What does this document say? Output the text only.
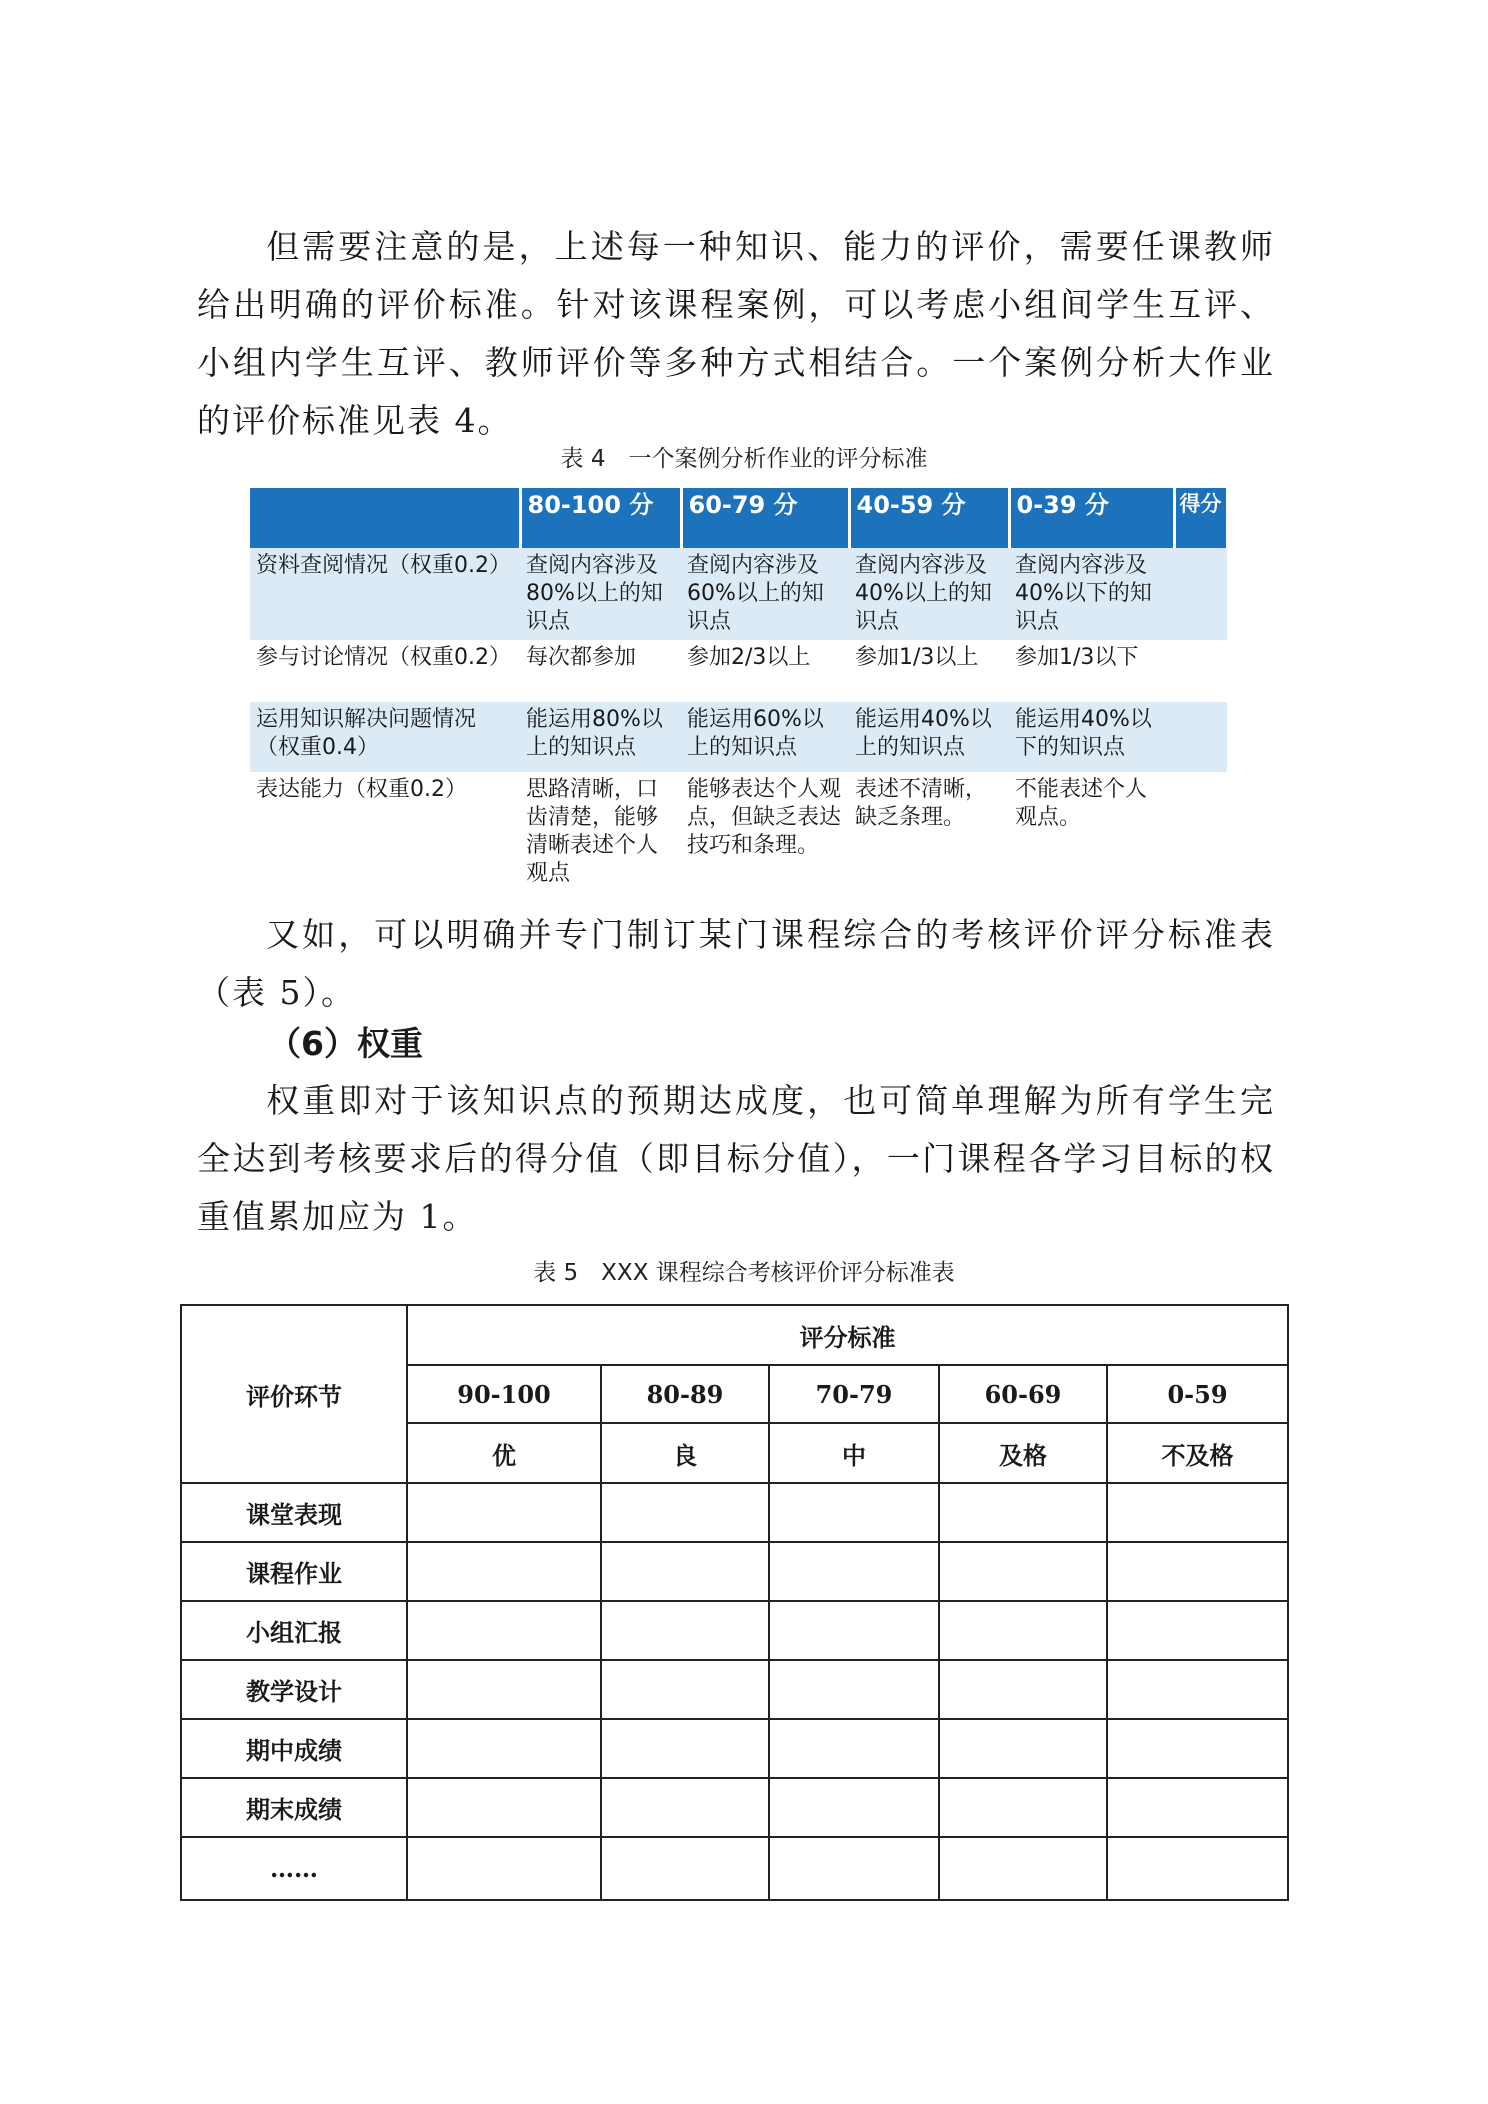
但需要注意的是，上述每一种知识、能力的评价，需要任课教师给出明确的评价标准。针对该课程案例，可以考虑小组间学生互评、小组内学生互评、教师评价等多种方式相结合。一个案例分析大作业的评价标准见表 4。
表 4　一个案例分析作业的评分标准
	80-100 分	60-79 分	40-59 分	0-39 分	得分
资料查阅情况（权重0.2）	查阅内容涉及80%以上的知识点	查阅内容涉及60%以上的知识点	查阅内容涉及40%以上的知识点	查阅内容涉及40%以下的知识点	
参与讨论情况（权重0.2）	每次都参加	参加2/3以上	参加1/3以上	参加1/3以下	
运用知识解决问题情况（权重0.4）	能运用80%以上的知识点	能运用60%以上的知识点	能运用40%以上的知识点	能运用40%以下的知识点	
表达能力（权重0.2）	思路清晰，口齿清楚，能够清晰表述个人观点	能够表达个人观点，但缺乏表达技巧和条理。	表述不清晰，缺乏条理。	不能表述个人观点。	
又如，可以明确并专门制订某门课程综合的考核评价评分标准表（表 5）。
（6）权重
权重即对于该知识点的预期达成度，也可简单理解为所有学生完全达到考核要求后的得分值（即目标分值），一门课程各学习目标的权重值累加应为 1。
表 5　XXX 课程综合考核评价评分标准表
评价环节	评分标准				
	90-100	80-89	70-79	60-69	0-59
	优	良	中	及格	不及格
课堂表现					
课程作业					
小组汇报					
教学设计					
期中成绩					
期末成绩					
……					
